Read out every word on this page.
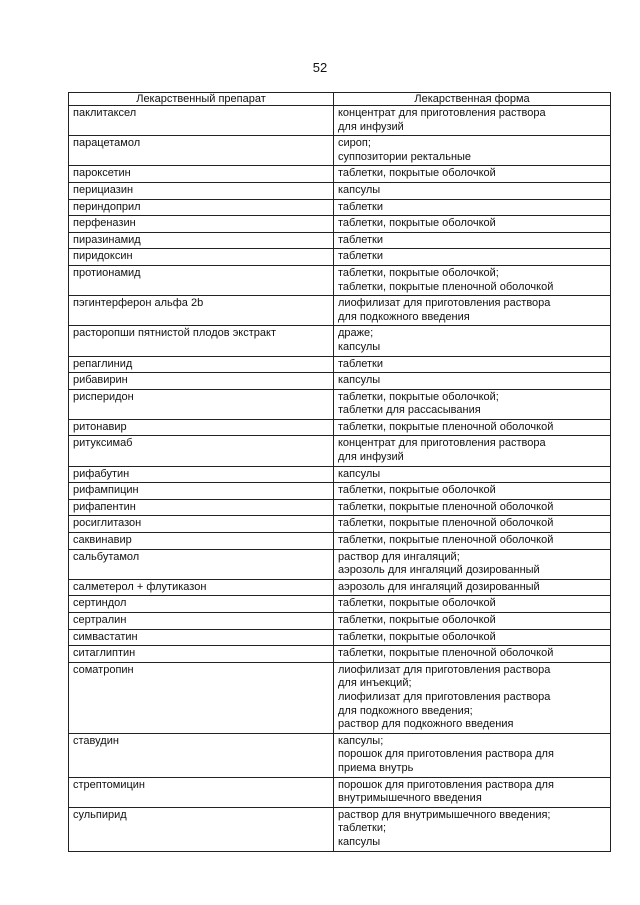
52
Лекарственный препарат	Лекарственная форма
паклитаксел	концентрат для приготовления раствора
для инфузий

парацетамол	сироп;
суппозитории ректальные

пароксетин	таблетки, покрытые оболочкой

перициазин	капсулы

периндоприл	таблетки

перфеназин	таблетки, покрытые оболочкой

пиразинамид	таблетки

пиридоксин	таблетки

протионамид	таблетки, покрытые оболочкой;
таблетки, покрытые пленочной оболочкой

пэгинтерферон альфа 2b	лиофилизат для приготовления раствора
для подкожного введения

расторопши пятнистой плодов экстракт	драже;
капсулы

репаглинид	таблетки

рибавирин	капсулы

рисперидон	таблетки, покрытые оболочкой;
таблетки для рассасывания

ритонавир	таблетки, покрытые пленочной оболочкой

ритуксимаб	концентрат для приготовления раствора
для инфузий

рифабутин	капсулы

рифампицин	таблетки, покрытые оболочкой

рифапентин	таблетки, покрытые пленочной оболочкой

росиглитазон	таблетки, покрытые пленочной оболочкой

саквинавир	таблетки, покрытые пленочной оболочкой

сальбутамол	раствор для ингаляций;
аэрозоль для ингаляций дозированный

салметерол + флутиказон	аэрозоль для ингаляций дозированный

сертиндол	таблетки, покрытые оболочкой

сертралин	таблетки, покрытые оболочкой

симвастатин	таблетки, покрытые оболочкой

ситаглиптин	таблетки, покрытые пленочной оболочкой

соматропин	лиофилизат для приготовления раствора
для инъекций;
лиофилизат для приготовления раствора
для подкожного введения;
раствор для подкожного введения

ставудин	капсулы;
порошок для приготовления раствора для
приема внутрь

стрептомицин	порошок для приготовления раствора для
внутримышечного введения

сульпирид	раствор для внутримышечного введения;
таблетки;
капсулы
